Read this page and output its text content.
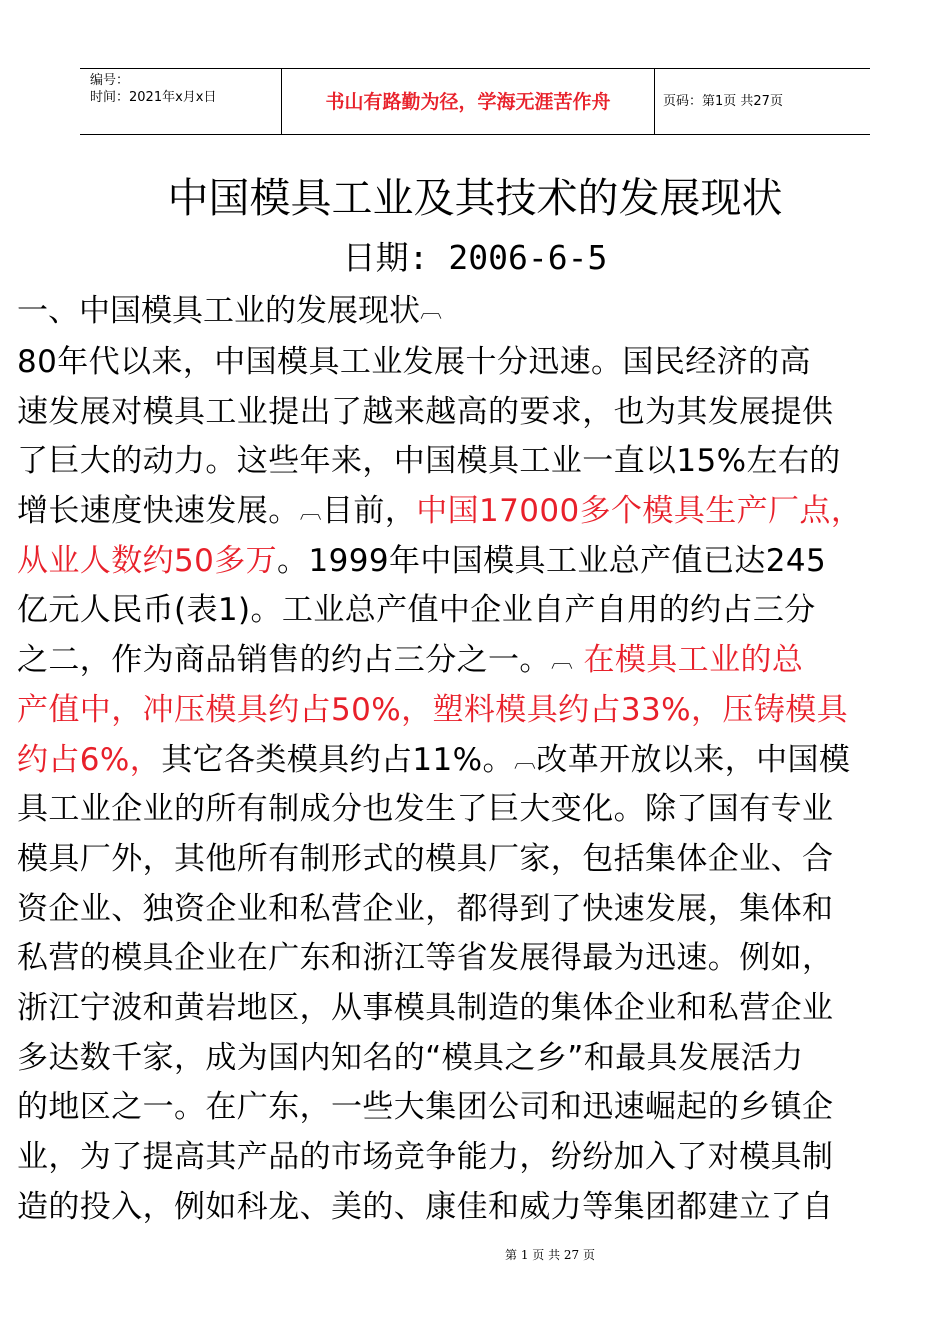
编号：
时间：2021年x月x日	书山有路勤为径，学海无涯苦作舟	页码：第1页 共27页
中国模具工业及其技术的发展现状
日期: 2006-6-5
一、中国模具工业的发展现状︹
80年代以来，中国模具工业发展十分迅速。国民经济的高
速发展对模具工业提出了越来越高的要求，也为其发展提供
了巨大的动力。这些年来，中国模具工业一直以15%左右的
增长速度快速发展。︹目前，中国17000多个模具生产厂点，
从业人数约50多万。1999年中国模具工业总产值已达245
亿元人民币(表1)。工业总产值中企业自产自用的约占三分
之二，作为商品销售的约占三分之一。︹ 在模具工业的总
产值中，冲压模具约占50%，塑料模具约占33%，压铸模具
约占6%，其它各类模具约占11%。︹改革开放以来，中国模
具工业企业的所有制成分也发生了巨大变化。除了国有专业
模具厂外，其他所有制形式的模具厂家，包括集体企业、合
资企业、独资企业和私营企业，都得到了快速发展，集体和
私营的模具企业在广东和浙江等省发展得最为迅速。例如，
浙江宁波和黄岩地区，从事模具制造的集体企业和私营企业
多达数千家，成为国内知名的“模具之乡”和最具发展活力
的地区之一。在广东，一些大集团公司和迅速崛起的乡镇企
业，为了提高其产品的市场竞争能力，纷纷加入了对模具制
造的投入，例如科龙、美的、康佳和威力等集团都建立了自
第 1 页 共 27 页
